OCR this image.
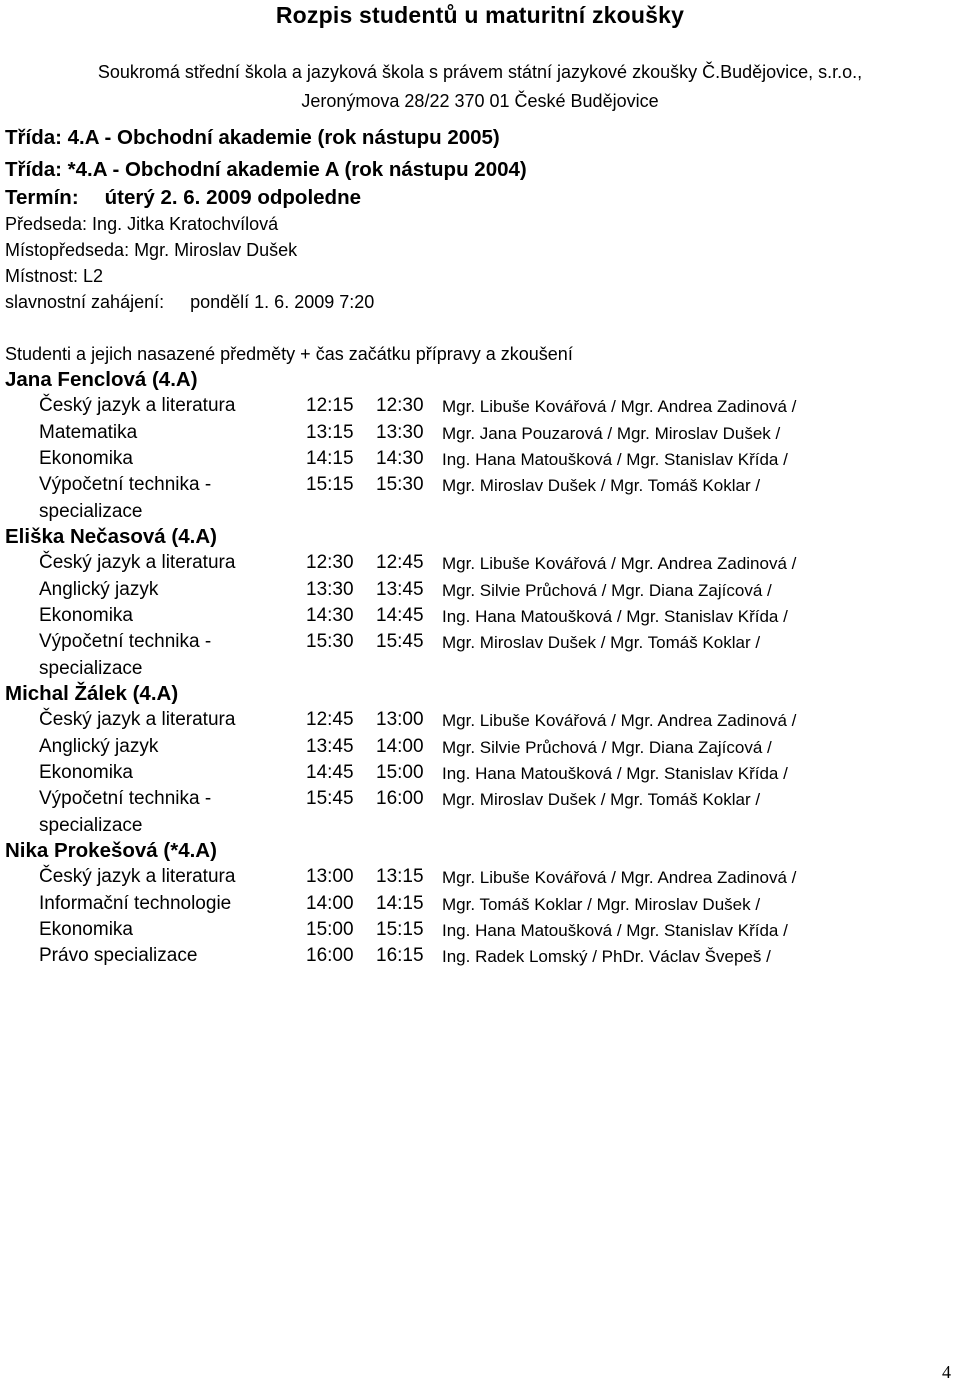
Rozpis studentů u maturitní zkoušky
Soukromá střední škola a jazyková škola s právem státní jazykové zkoušky Č.Budějovice, s.r.o.,
Jeronýmova 28/22 370 01 České Budějovice
Třída: 4.A - Obchodní akademie (rok nástupu 2005)
Třída: *4.A - Obchodní akademie A (rok nástupu 2004)
Termín: úterý 2. 6. 2009 odpoledne
Předseda: Ing. Jitka Kratochvílová
Místopředseda: Mgr. Miroslav Dušek
Místnost: L2
slavnostní zahájení: pondělí 1. 6. 2009 7:20
Studenti a jejich nasazené předměty + čas začátku přípravy a zkoušení
Jana Fenclová (4.A)
Český jazyk a literatura	12:15 12:30 Mgr. Libuše Kovářová / Mgr. Andrea Zadinová /
Matematika	13:15 13:30 Mgr. Jana Pouzarová / Mgr. Miroslav Dušek /
Ekonomika	14:15 14:30 Ing. Hana Matoušková / Mgr. Stanislav Křída /
Výpočetní technika -
specializace
15:15 15:30 Mgr. Miroslav Dušek / Mgr. Tomáš Koklar /
Eliška Nečasová (4.A)
Český jazyk a literatura	12:30 12:45 Mgr. Libuše Kovářová / Mgr. Andrea Zadinová /
Anglický jazyk	13:30 13:45 Mgr. Silvie Průchová / Mgr. Diana Zajícová /
Ekonomika	14:30 14:45 Ing. Hana Matoušková / Mgr. Stanislav Křída /
Výpočetní technika -
specializace
15:30 15:45 Mgr. Miroslav Dušek / Mgr. Tomáš Koklar /
Michal Žálek (4.A)
Český jazyk a literatura	12:45 13:00 Mgr. Libuše Kovářová / Mgr. Andrea Zadinová /
Anglický jazyk	13:45 14:00 Mgr. Silvie Průchová / Mgr. Diana Zajícová /
Ekonomika	14:45 15:00 Ing. Hana Matoušková / Mgr. Stanislav Křída /
Výpočetní technika -
specializace
15:45 16:00 Mgr. Miroslav Dušek / Mgr. Tomáš Koklar /
Nika Prokešová (*4.A)
Český jazyk a literatura	13:00 13:15 Mgr. Libuše Kovářová / Mgr. Andrea Zadinová /
Informační technologie	14:00 14:15 Mgr. Tomáš Koklar / Mgr. Miroslav Dušek /
Ekonomika	15:00 15:15 Ing. Hana Matoušková / Mgr. Stanislav Křída /
Právo specializace	16:00 16:15 Ing. Radek Lomský / PhDr. Václav Švepeš /
4
